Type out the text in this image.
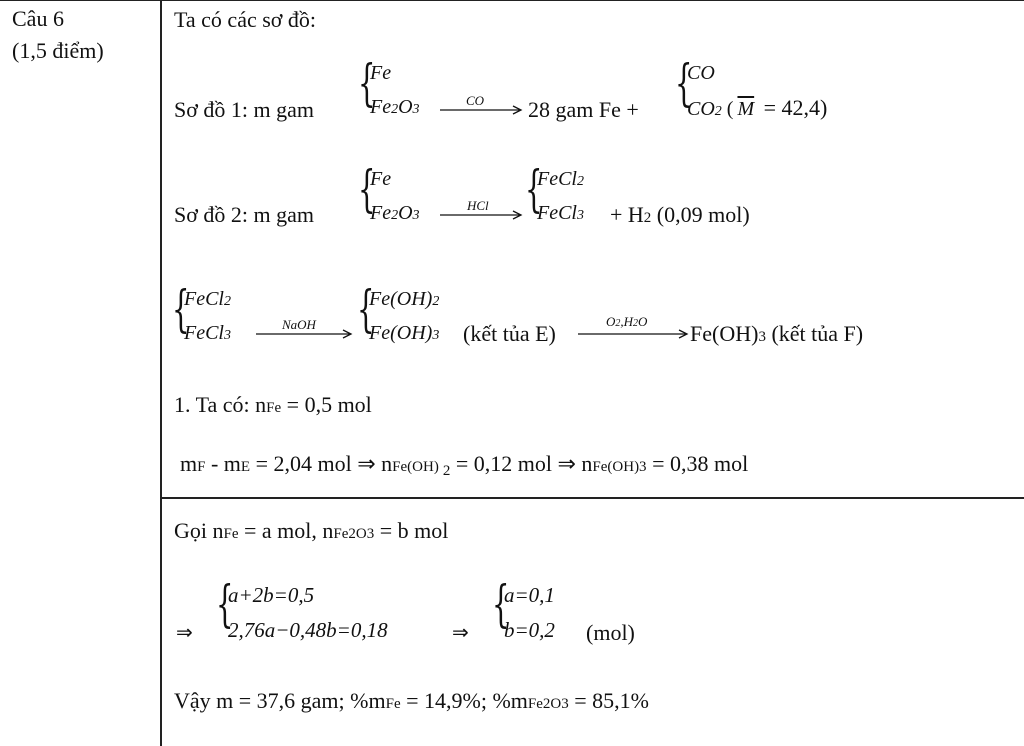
Câu 6
(1,5 điểm)
Ta có các sơ đồ:
Sơ đồ 1: m gam {
Fe
Fe2O3
CO 28 gam Fe + {
CO
CO2 ( $\overline{M} = 42,4$)
Sơ đồ 2: m gam {
Fe
Fe2O3
HCl {
FeCl2
FeCl3 + H2 (0,09 mol)
{
FeCl2
FeCl3
NaOH {
Fe(OH)2
Fe(OH)3 (kết tủa E)	O2,H2O Fe(OH)3 (kết tủa F)
1. Ta có: nFe = 0,5 mol
mF - mE = 2,04 mol ⇒ nFe(OH) 2 = 0,12 mol ⇒ nFe(OH)3 = 0,38 mol
Gọi nFe = a mol, nFe2O3 = b mol
⇒ {
a+2b=0,5
2,76a−0,48b=0,18	⇒ {
a=0,1
b=0,2 (mol)
Vậy m = 37,6 gam; %mFe = 14,9%; %mFe2O3 = 85,1%
